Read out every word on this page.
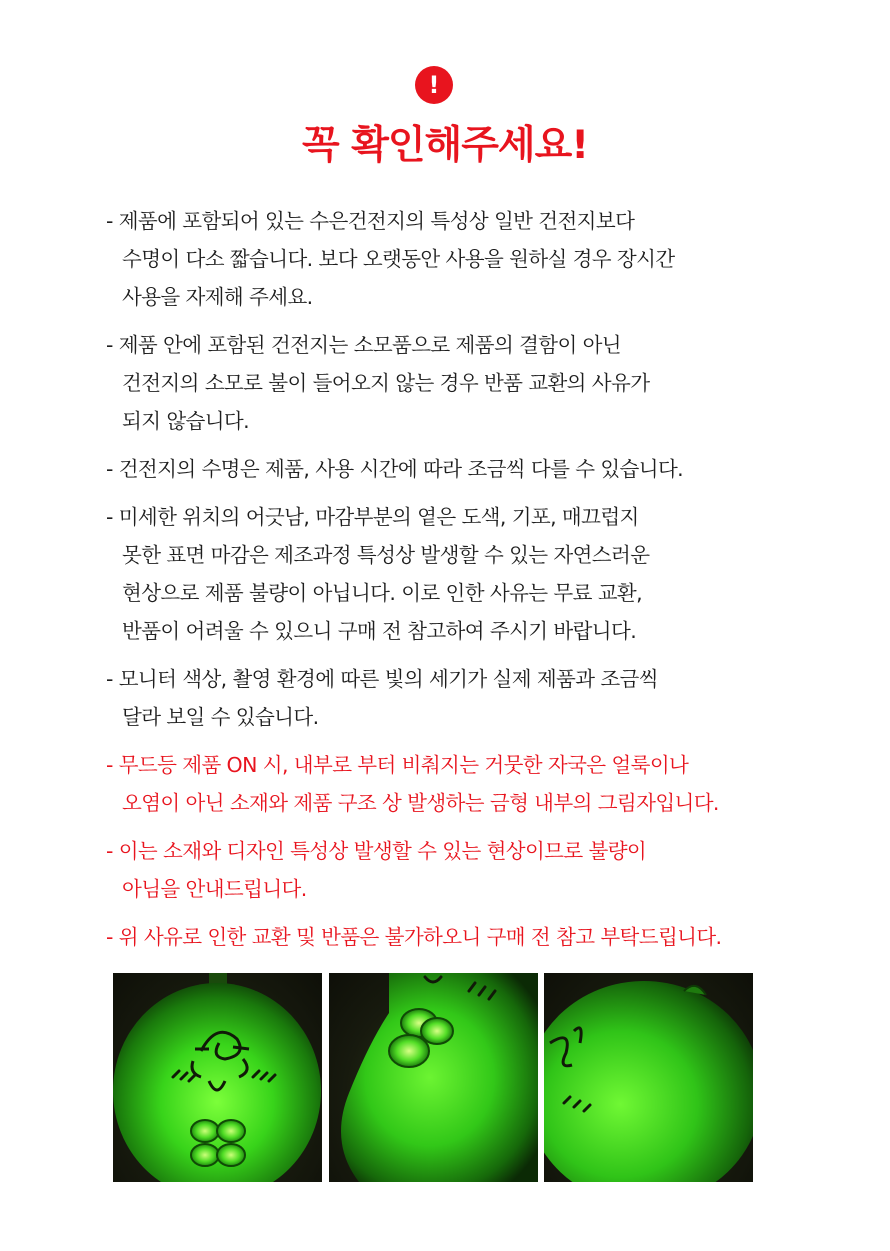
!
꼭 확인해주세요!
- 제품에 포함되어 있는 수은건전지의 특성상 일반 건전지보다
수명이 다소 짧습니다. 보다 오랫동안 사용을 원하실 경우 장시간
사용을 자제해 주세요.
- 제품 안에 포함된 건전지는 소모품으로 제품의 결함이 아닌
건전지의 소모로 불이 들어오지 않는 경우 반품 교환의 사유가
되지 않습니다.
- 건전지의 수명은 제품, 사용 시간에 따라 조금씩 다를 수 있습니다.
- 미세한 위치의 어긋남, 마감부분의 옅은 도색, 기포, 매끄럽지
못한 표면 마감은 제조과정 특성상 발생할 수 있는 자연스러운
현상으로 제품 불량이 아닙니다. 이로 인한 사유는 무료 교환,
반품이 어려울 수 있으니 구매 전 참고하여 주시기 바랍니다.
- 모니터 색상, 촬영 환경에 따른 빛의 세기가 실제 제품과 조금씩
달라 보일 수 있습니다.
- 무드등 제품 ON 시, 내부로 부터 비춰지는 거뭇한 자국은 얼룩이나
오염이 아닌 소재와 제품 구조 상 발생하는 금형 내부의 그림자입니다.
- 이는 소재와 디자인 특성상 발생할 수 있는 현상이므로 불량이
아님을 안내드립니다.
- 위 사유로 인한 교환 및 반품은 불가하오니 구매 전 참고 부탁드립니다.
